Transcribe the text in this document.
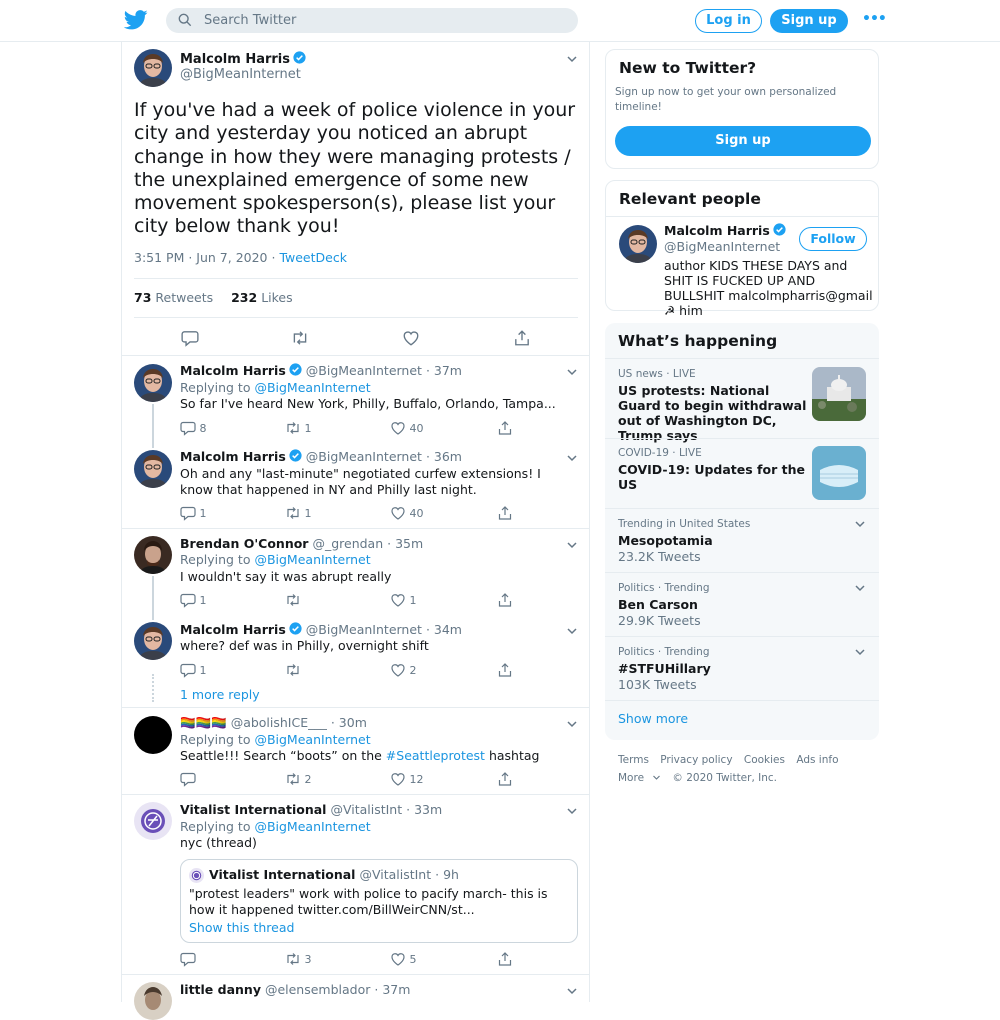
Search Twitter
Log in	Sign up	•••
Malcolm Harris
@BigMeanInternet
If you've had a week of police violence in your city and yesterday you noticed an abrupt change in how they were managing protests / the unexplained emergence of some new movement spokesperson(s), please list your city below thank you!
3:51 PM · Jun 7, 2020 · TweetDeck
73 Retweets 232 Likes
Malcolm Harris @BigMeanInternet · 37m
Replying to @BigMeanInternet
So far I've heard New York, Philly, Buffalo, Orlando, Tampa...
8	1	40
Malcolm Harris @BigMeanInternet · 36m
Oh and any "last-minute" negotiated curfew extensions! I know that happened in NY and Philly last night.
1	1	40
Brendan O'Connor @_grendan · 35m
Replying to @BigMeanInternet
I wouldn't say it was abrupt really
1	1
Malcolm Harris @BigMeanInternet · 34m
where? def was in Philly, overnight shift
1	2
1 more reply
🏳️‍🌈🏳️‍🌈🏳️‍🌈 @abolishICE___ · 30m
Replying to @BigMeanInternet
Seattle!!! Search “boots” on the #Seattleprotest hashtag
2	12
Vitalist International @VitalistInt · 33m
Replying to @BigMeanInternet
nyc (thread)
Vitalist International @VitalistInt · 9h
"protest leaders" work with police to pacify march- this is how it happened twitter.com/BillWeirCNN/st...
Show this thread
3	5
little danny @elensemblador · 37m
New to Twitter?
Sign up now to get your own personalized timeline!
Sign up
Relevant people
Malcolm Harris
@BigMeanInternet
Follow
author KIDS THESE DAYS and SHIT IS FUCKED UP AND BULLSHIT malcolmpharris@gmail ☭ him
What’s happening
US news · LIVE
US protests: National Guard to begin withdrawal out of Washington DC, Trump says
COVID-19 · LIVE
COVID-19: Updates for the US
Trending in United States
Mesopotamia
23.2K Tweets
Politics · Trending
Ben Carson
29.9K Tweets
Politics · Trending
#STFUHillary
103K Tweets
Show more
Terms Privacy policy Cookies Ads info
More	© 2020 Twitter, Inc.
